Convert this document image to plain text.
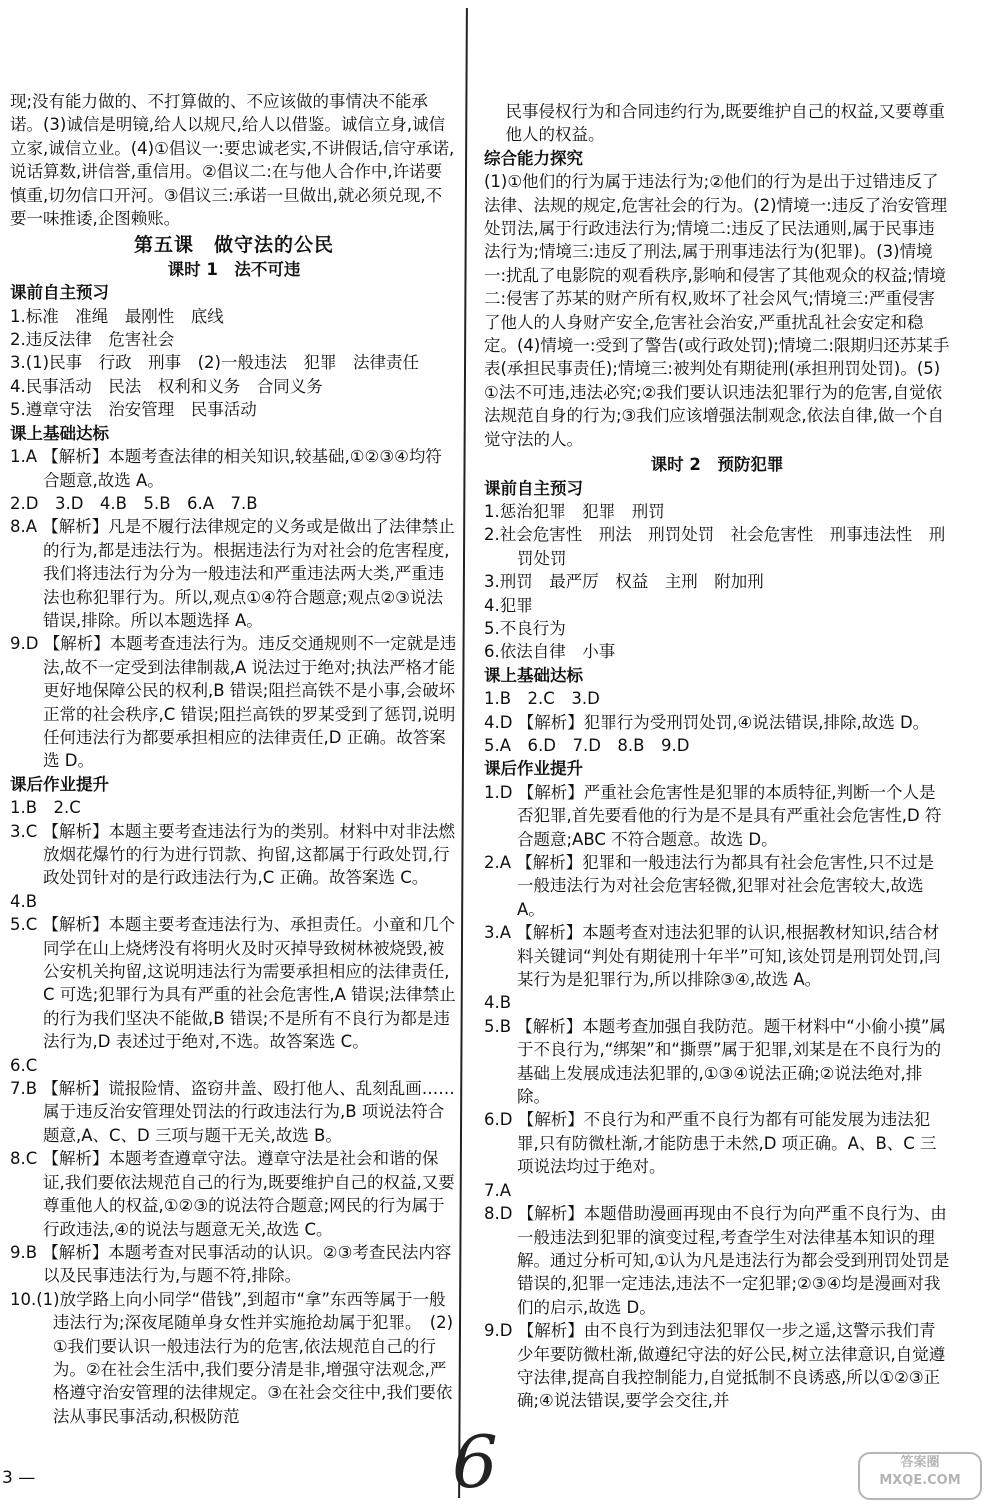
现;没有能力做的、不打算做的、不应该做的事情决不能承诺。(3)诚信是明镜,给人以规尺,给人以借鉴。诚信立身,诚信立家,诚信立业。(4)①倡议一:要忠诚老实,不讲假话,信守承诺,说话算数,讲信誉,重信用。②倡议二:在与他人合作中,许诺要慎重,切勿信口开河。③倡议三:承诺一旦做出,就必须兑现,不要一味推诿,企图赖账。

第五课　做守法的公民

课时 1　法不可违

课前自主预习

1.标准　准绳　最刚性　底线

2.违反法律　危害社会

3.(1)民事　行政　刑事　(2)一般违法　犯罪　法律责任

4.民事活动　民法　权利和义务　合同义务

5.遵章守法　治安管理　民事活动

课上基础达标

1.A 【解析】本题考查法律的相关知识,较基础,①②③④均符合题意,故选 A。

2.D　3.D　4.B　5.B　6.A　7.B

8.A 【解析】凡是不履行法律规定的义务或是做出了法律禁止的行为,都是违法行为。根据违法行为对社会的危害程度,我们将违法行为分为一般违法和严重违法两大类,严重违法也称犯罪行为。所以,观点①④符合题意;观点②③说法错误,排除。所以本题选择 A。

9.D 【解析】本题考查违法行为。违反交通规则不一定就是违法,故不一定受到法律制裁,A 说法过于绝对;执法严格才能更好地保障公民的权利,B 错误;阻拦高铁不是小事,会破坏正常的社会秩序,C 错误;阻拦高铁的罗某受到了惩罚,说明任何违法行为都要承担相应的法律责任,D 正确。故答案选 D。

课后作业提升

1.B　2.C

3.C 【解析】本题主要考查违法行为的类别。材料中对非法燃放烟花爆竹的行为进行罚款、拘留,这都属于行政处罚,行政处罚针对的是行政违法行为,C 正确。故答案选 C。

4.B

5.C 【解析】本题主要考查违法行为、承担责任。小童和几个同学在山上烧烤没有将明火及时灭掉导致树林被烧毁,被公安机关拘留,这说明违法行为需要承担相应的法律责任,C 可选;犯罪行为具有严重的社会危害性,A 错误;法律禁止的行为我们坚决不能做,B 错误;不是所有不良行为都是违法行为,D 表述过于绝对,不选。故答案选 C。

6.C

7.B 【解析】谎报险情、盗窃井盖、殴打他人、乱刻乱画……属于违反治安管理处罚法的行政违法行为,B 项说法符合题意,A、C、D 三项与题干无关,故选 B。

8.C 【解析】本题考查遵章守法。遵章守法是社会和谐的保证,我们要依法规范自己的行为,既要维护自己的权益,又要尊重他人的权益,①②③的说法符合题意;网民的行为属于行政违法,④的说法与题意无关,故选 C。

9.B 【解析】本题考查对民事活动的认识。②③考查民法内容以及民事违法行为,与题不符,排除。

10.(1)放学路上向小同学“借钱”,到超市“拿”东西等属于一般违法行为;深夜尾随单身女性并实施抢劫属于犯罪。　(2)①我们要认识一般违法行为的危害,依法规范自己的行为。②在社会生活中,我们要分清是非,增强守法观念,严格遵守治安管理的法律规定。③在社会交往中,我们要依法从事民事活动,积极防范

民事侵权行为和合同违约行为,既要维护自己的权益,又要尊重他人的权益。

综合能力探究

(1)①他们的行为属于违法行为;②他们的行为是出于过错违反了法律、法规的规定,危害社会的行为。(2)情境一:违反了治安管理处罚法,属于行政违法行为;情境二:违反了民法通则,属于民事违法行为;情境三:违反了刑法,属于刑事违法行为(犯罪)。(3)情境一:扰乱了电影院的观看秩序,影响和侵害了其他观众的权益;情境二:侵害了苏某的财产所有权,败坏了社会风气;情境三:严重侵害了他人的人身财产安全,危害社会治安,严重扰乱社会安定和稳定。(4)情境一:受到了警告(或行政处罚);情境二:限期归还苏某手表(承担民事责任);情境三:被判处有期徒刑(承担刑罚处罚)。(5)①法不可违,违法必究;②我们要认识违法犯罪行为的危害,自觉依法规范自身的行为;③我们应该增强法制观念,依法自律,做一个自觉守法的人。

课时 2　预防犯罪

课前自主预习

1.惩治犯罪　犯罪　刑罚

2.社会危害性　刑法　刑罚处罚　社会危害性　刑事违法性　刑罚处罚

3.刑罚　最严厉　权益　主刑　附加刑

4.犯罪

5.不良行为

6.依法自律　小事

课上基础达标

1.B　2.C　3.D

4.D 【解析】犯罪行为受刑罚处罚,④说法错误,排除,故选 D。

5.A　6.D　7.D　8.B　9.D

课后作业提升

1.D 【解析】严重社会危害性是犯罪的本质特征,判断一个人是否犯罪,首先要看他的行为是不是具有严重社会危害性,D 符合题意;ABC 不符合题意。故选 D。

2.A 【解析】犯罪和一般违法行为都具有社会危害性,只不过是一般违法行为对社会危害轻微,犯罪对社会危害较大,故选 A。

3.A 【解析】本题考查对违法犯罪的认识,根据教材知识,结合材料关键词“判处有期徒刑十年半”可知,该处罚是刑罚处罚,闫某行为是犯罪行为,所以排除③④,故选 A。

4.B

5.B 【解析】本题考查加强自我防范。题干材料中“小偷小摸”属于不良行为,“绑架”和“撕票”属于犯罪,刘某是在不良行为的基础上发展成违法犯罪的,①③④说法正确;②说法绝对,排除。

6.D 【解析】不良行为和严重不良行为都有可能发展为违法犯罪,只有防微杜渐,才能防患于未然,D 项正确。A、B、C 三项说法均过于绝对。

7.A

8.D 【解析】本题借助漫画再现由不良行为向严重不良行为、由一般违法到犯罪的演变过程,考查学生对法律基本知识的理解。通过分析可知,①认为凡是违法行为都会受到刑罚处罚是错误的,犯罪一定违法,违法不一定犯罪;②③④均是漫画对我们的启示,故选 D。

9.D 【解析】由不良行为到违法犯罪仅一步之遥,这警示我们青少年要防微杜渐,做遵纪守法的好公民,树立法律意识,自觉遵守法律,提高自我控制能力,自觉抵制不良诱惑,所以①②③正确;④说法错误,要学会交往,并

3 —	6	答案圈 MXQE.COM
